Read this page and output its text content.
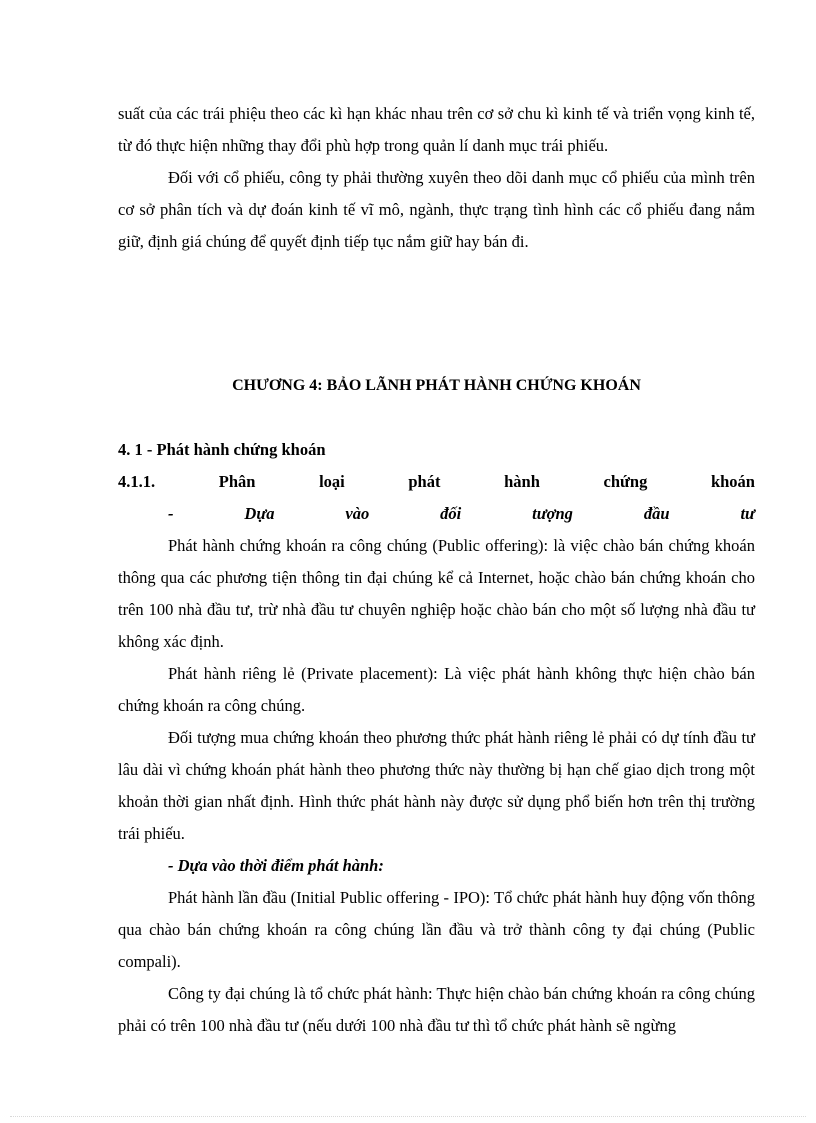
suất của các trái phiệu theo các kì hạn khác nhau trên cơ sở chu kì kinh tế và triển vọng kinh tế, từ đó thực hiện những thay đổi phù hợp trong quản lí danh mục trái phiếu.

Đối với cổ phiếu, công ty phải thường xuyên theo dõi danh mục cổ phiếu của mình trên cơ sở phân tích và dự đoán kinh tế vĩ mô, ngành, thực trạng tình hình các cổ phiếu đang nắm giữ, định giá chúng để quyết định tiếp tục nắm giữ hay bán đi.

CHƯƠNG 4: BẢO LÃNH PHÁT HÀNH CHỨNG KHOÁN

4. 1 - Phát hành chứng khoán

4.1.1.	Phân	loại	phát	hành	chứng	khoán
-	Dựa	vào	đối	tượng	đầu	tư

Phát hành chứng khoán ra công chúng (Public offering): là việc chào bán chứng khoán thông qua các phương tiện thông tin đại chúng kể cả Internet, hoặc chào bán chứng khoán cho trên 100 nhà đầu tư, trừ nhà đầu tư chuyên nghiệp hoặc chào bán cho một số lượng nhà đầu tư không xác định.

Phát hành riêng lẻ (Private placement): Là việc phát hành không thực hiện chào bán chứng khoán ra công chúng.

Đối tượng mua chứng khoán theo phương thức phát hành riêng lẻ phải có dự tính đầu tư lâu dài vì chứng khoán phát hành theo phương thức này thường bị hạn chế giao dịch trong một khoản thời gian nhất định. Hình thức phát hành này được sử dụng phổ biến hơn trên thị trường trái phiếu.

- Dựa vào thời điểm phát hành:

Phát hành lần đầu (Initial Public offering - IPO): Tổ chức phát hành huy động vốn thông qua chào bán chứng khoán ra công chúng lần đầu và trở thành công ty đại chúng (Public compali).

Công ty đại chúng là tổ chức phát hành: Thực hiện chào bán chứng khoán ra công chúng phải có trên 100 nhà đầu tư (nếu dưới 100 nhà đầu tư thì tổ chức phát hành sẽ ngừng
